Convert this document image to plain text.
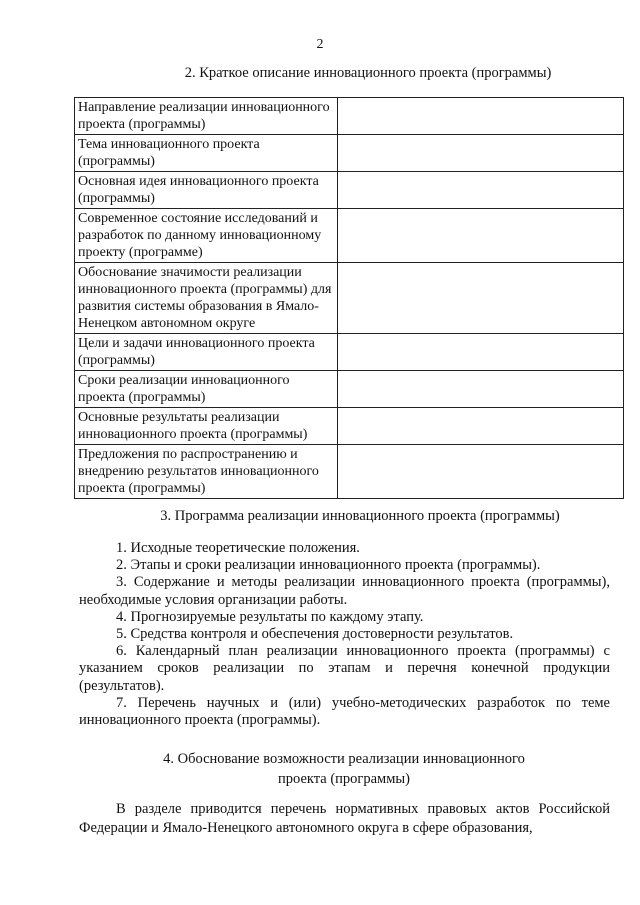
2
2. Краткое описание инновационного проекта (программы)
Направление реализации инновационного проекта (программы)	
Тема инновационного проекта (программы)	
Основная идея инновационного проекта (программы)	
Современное состояние исследований и разработок по данному инновационному проекту (программе)	
Обоснование значимости реализации инновационного проекта (программы) для развития системы образования в Ямало-Ненецком автономном округе	
Цели и задачи инновационного проекта (программы)	
Сроки реализации инновационного проекта (программы)	
Основные результаты реализации инновационного проекта (программы)	
Предложения по распространению и внедрению результатов инновационного проекта (программы)	
3. Программа реализации инновационного проекта (программы)

1. Исходные теоретические положения.

2. Этапы и сроки реализации инновационного проекта (программы).

3. Содержание и методы реализации инновационного проекта (программы), необходимые условия организации работы.

4. Прогнозируемые результаты по каждому этапу.

5. Средства контроля и обеспечения достоверности результатов.

6. Календарный план реализации инновационного проекта (программы) с указанием сроков реализации по этапам и перечня конечной продукции (результатов).

7. Перечень научных и (или) учебно-методических разработок по теме инновационного проекта (программы).

4. Обоснование возможности реализации инновационного
проекта (программы)

В разделе приводится перечень нормативных правовых актов Российской Федерации и Ямало-Ненецкого автономного округа в сфере образования,
